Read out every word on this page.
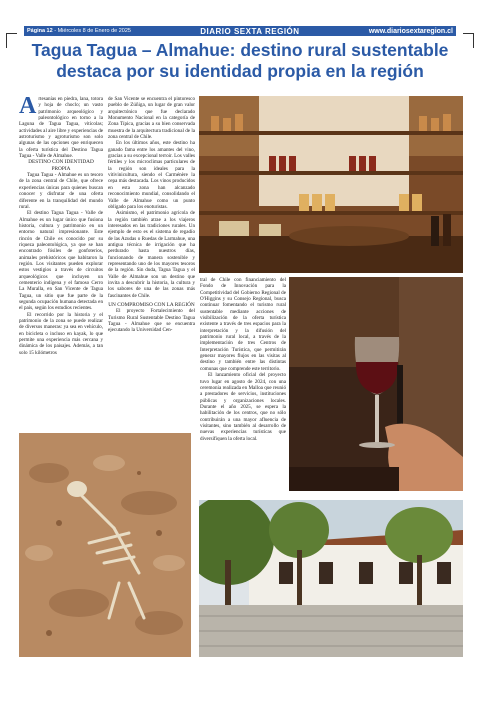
Página 12 - Miércoles 8 de Enero de 2025	DIARIO SEXTA REGIÓN	www.diariosextaregion.cl
Tagua Tagua – Almahue: destino rural sustentable destaca por su identidad propia en la región

Artesanías en piedra, lana, totora y hoja de choclo; un vasto patrimonio arqueológico y paleontológico en torno a la Laguna de Tagua Tagua, vitícolas; actividades al aire libre y experiencias de astroturismo y agroturismo son solo algunas de las opciones que enriquecen la oferta turística del Destino Tagua Tagua - Valle de Almahue.

DESTINO CON IDENTIDAD PROPIA

Tagua Tagua - Almahue es un tesoro de la zona central de Chile, que ofrece experiencias únicas para quienes buscan conocer y disfrutar de una oferta diferente en la tranquilidad del mundo rural.

El destino Tagua Tagua - Valle de Almahue es un lugar único que fusiona historia, cultura y patrimonio en un entorno natural impresionante. Este rincón de Chile es conocido por su riqueza paleontológica, ya que se han encontrado fósiles de gonfoterios, animales prehistóricos que habitaron la región. Los visitantes pueden explorar estos vestigios a través de circuitos arqueológicos que incluyen un cementerio indígena y el famoso Cerro La Muralla, en San Vicente de Tagua Tagua, un sitio que fue parte de la segunda ocupación humana detectada en el país, según los estudios recientes.

El recorrido por la historia y el patrimonio de la zona se puede realizar de diversos maneras: ya sea en vehículo, en bicicleta o incluso en kayak, lo que permite una experiencia más cercana y dinámica de los paisajes. Además, a tan solo 15 kilómetros

de San Vicente se encuentra el pintoresco pueblo de Zúñiga, un lugar de gran valor arquitectónico que fue declarado Monumento Nacional en la categoría de Zona Típica, gracias a su bien conservada muestra de la arquitectura tradicional de la zona central de Chile.

En los últimos años, este destino ha ganado fama entre los amantes del vino, gracias a su excepcional terroir. Los valles fértiles y los microclimas particulares de la región son ideales para la vitivinicultura, siendo el Carménère la cepa más destacada. Los vinos producidos en esta zona han alcanzado reconocimiento mundial, consolidando el Valle de Almahue como un punto obligado para los enoturistas.

Asimismo, el patrimonio agrícola de la región también atrae a los viajeros interesados en las tradiciones rurales. Un ejemplo de esto es el sistema de regadío de las Azudas o Ruedas de Larmahue, una antigua técnica de irrigación que ha perdurado hasta nuestros días, funcionando de manera sostenible y representando uno de los mayores tesoros de la región. Sin duda, Tagua Tagua y el Valle de Almahue son un destino que invita a descubrir la historia, la cultura y los sabores de una de las zonas más fascinantes de Chile.

UN COMPROMISO CON LA REGIÓN

El proyecto Fortalecimiento del Turismo Rural Sustentable Destino Tagua Tagua - Almahue que se encuentra ejecutando la Universidad Cen-

tral de Chile con financiamiento del Fondo de Innovación para la Competitividad del Gobierno Regional de O'Higgins y su Consejo Regional, busca continuar fomentando el turismo rural sustentable mediante acciones de visibilización de la oferta turística existente a través de tres espacios para la interpretación y la difusión del patrimonio rural local, a través de la implementación de tres Centros de Interpretación Turística, que permitirán generar mayores flujos en las visitas al destino y también entre las distintas comunas que comprende este territorio.

El lanzamiento oficial del proyecto tuvo lugar en agosto de 2024, con una ceremonia realizada en Malloa que reunió a prestadores de servicios, instituciones públicas y organizaciones locales. Durante el año 2025, se espera la habilitación de los centros, que no sólo contribuirán a una mayor afluencia de visitantes, sino también al desarrollo de nuevas experiencias turísticas que diversifiquen la oferta local.
